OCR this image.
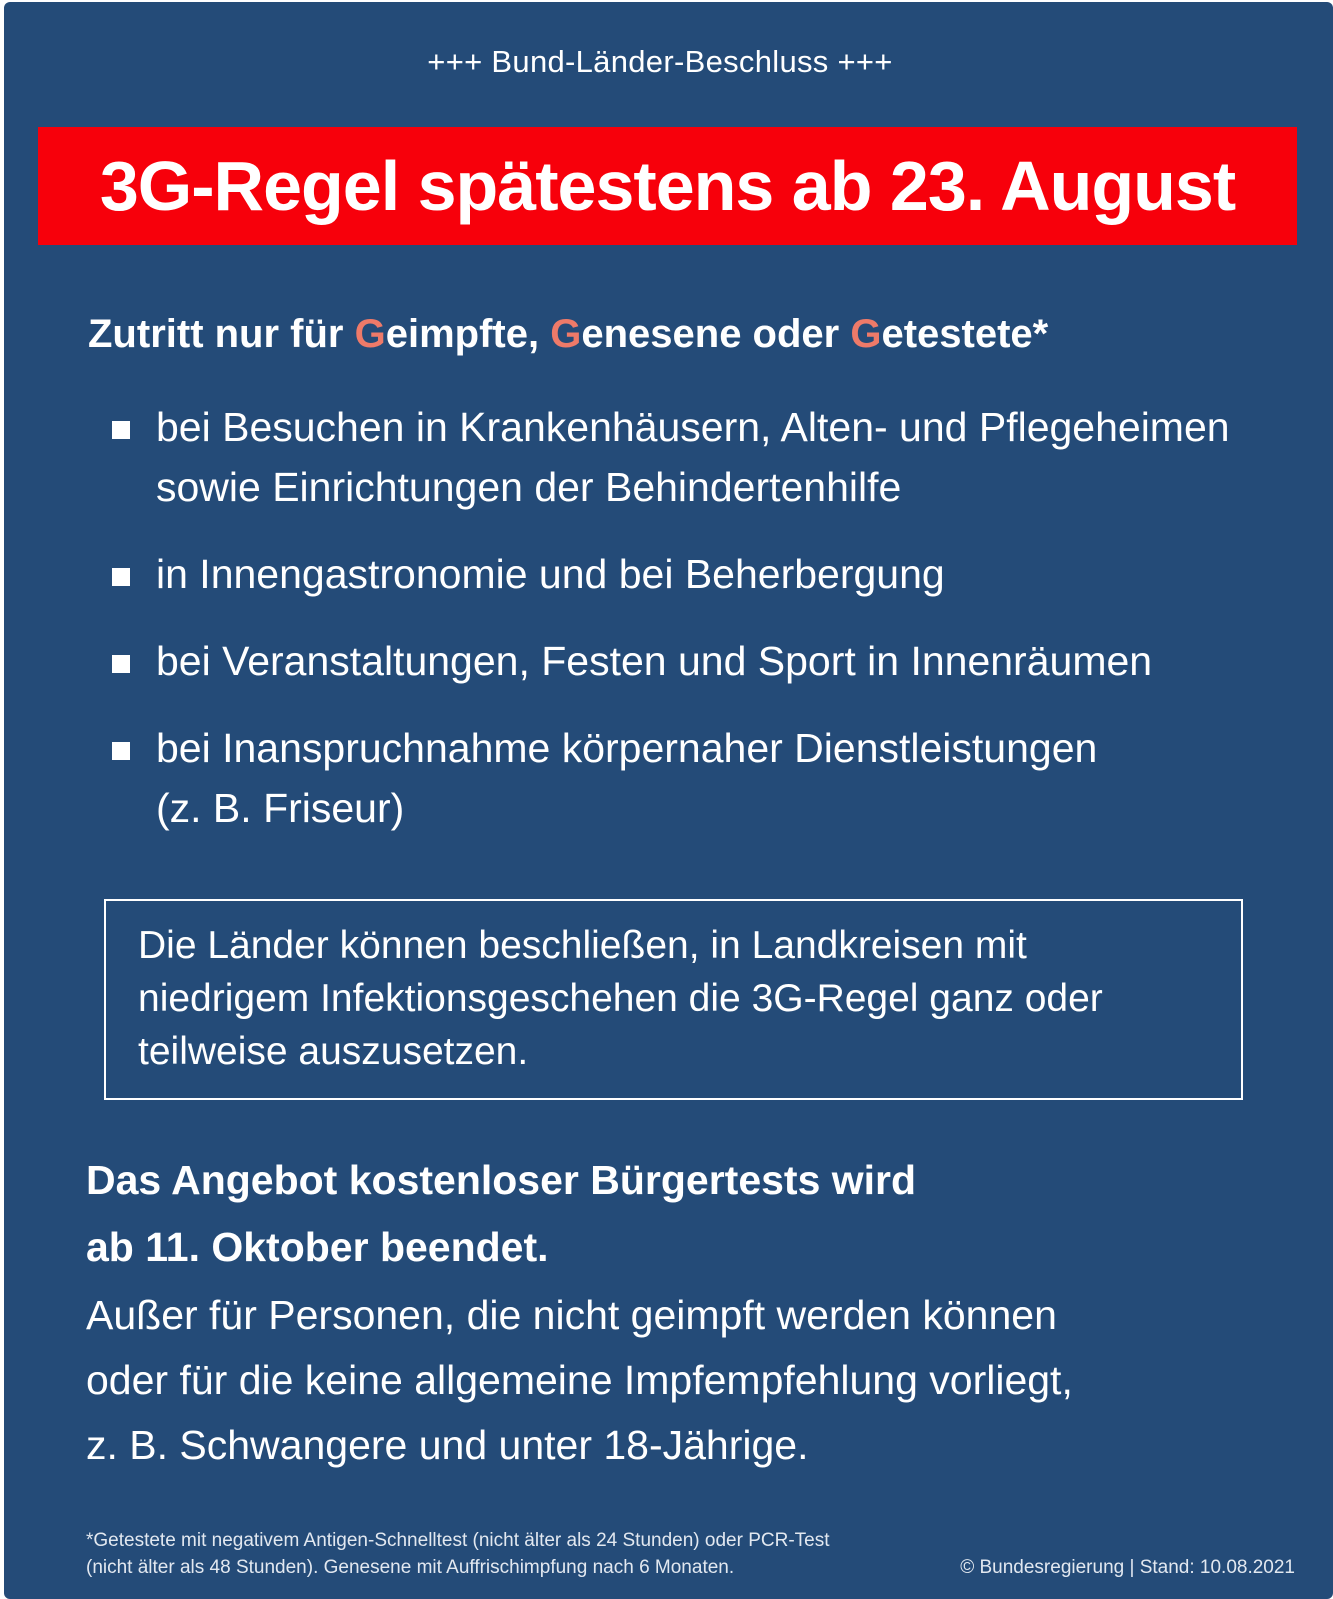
+++ Bund-Länder-Beschluss +++
3G-Regel spätestens ab 23. August
Zutritt nur für Geimpfte, Genesene oder Getestete*
bei Besuchen in Krankenhäusern, Alten- und Pflegeheimen
sowie Einrichtungen der Behindertenhilfe
in Innengastronomie und bei Beherbergung
bei Veranstaltungen, Festen und Sport in Innenräumen
bei Inanspruchnahme körpernaher Dienstleistungen
(z. B. Friseur)
Die Länder können beschließen, in Landkreisen mit
niedrigem Infektionsgeschehen die 3G-Regel ganz oder
teilweise auszusetzen.
Das Angebot kostenloser Bürgertests wird
ab 11. Oktober beendet.
Außer für Personen, die nicht geimpft werden können
oder für die keine allgemeine Impfempfehlung vorliegt,
z. B. Schwangere und unter 18-Jährige.
*Getestete mit negativem Antigen-Schnelltest (nicht älter als 24 Stunden) oder PCR-Test
(nicht älter als 48 Stunden). Genesene mit Auffrischimpfung nach 6 Monaten.	© Bundesregierung | Stand: 10.08.2021
